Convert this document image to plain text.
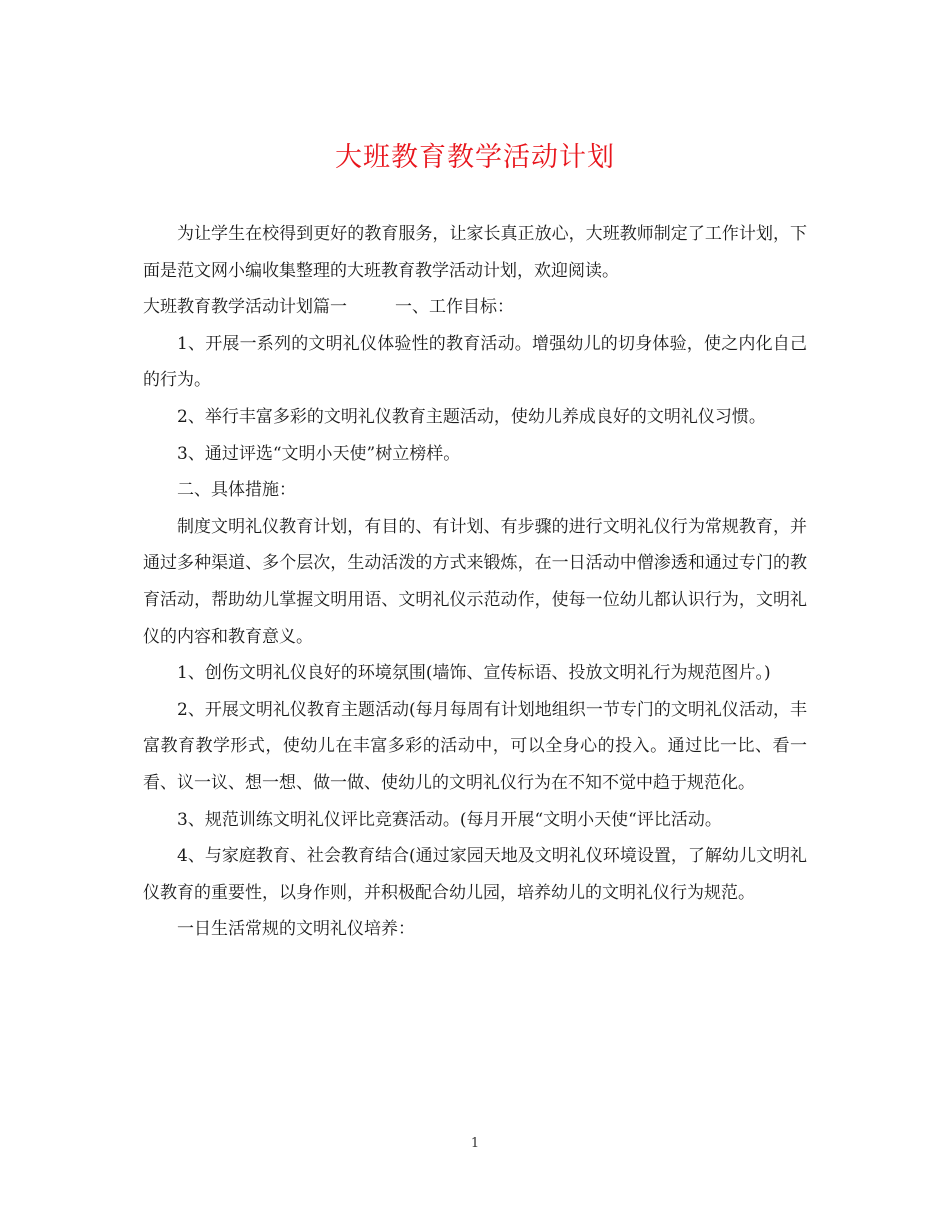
大班教育教学活动计划

为让学生在校得到更好的教育服务，让家长真正放心，大班教师制定了工作计划，下面是范文网小编收集整理的大班教育教学活动计划，欢迎阅读。

大班教育教学活动计划篇一	一、工作目标：

1、开展一系列的文明礼仪体验性的教育活动。增强幼儿的切身体验，使之内化自己的行为。

2、举行丰富多彩的文明礼仪教育主题活动，使幼儿养成良好的文明礼仪习惯。

3、通过评选“文明小天使”树立榜样。

二、具体措施：

制度文明礼仪教育计划，有目的、有计划、有步骤的进行文明礼仪行为常规教育，并通过多种渠道、多个层次，生动活泼的方式来锻炼，在一日活动中僧渗透和通过专门的教育活动，帮助幼儿掌握文明用语、文明礼仪示范动作，使每一位幼儿都认识行为，文明礼仪的内容和教育意义。

1、创伤文明礼仪良好的环境氛围(墙饰、宣传标语、投放文明礼行为规范图片。)

2、开展文明礼仪教育主题活动(每月每周有计划地组织一节专门的文明礼仪活动，丰富教育教学形式，使幼儿在丰富多彩的活动中，可以全身心的投入。通过比一比、看一看、议一议、想一想、做一做、使幼儿的文明礼仪行为在不知不觉中趋于规范化。

3、规范训练文明礼仪评比竞赛活动。(每月开展“文明小天使“评比活动。

4、与家庭教育、社会教育结合(通过家园天地及文明礼仪环境设置，了解幼儿文明礼仪教育的重要性，以身作则，并积极配合幼儿园，培养幼儿的文明礼仪行为规范。

一日生活常规的文明礼仪培养：

1
